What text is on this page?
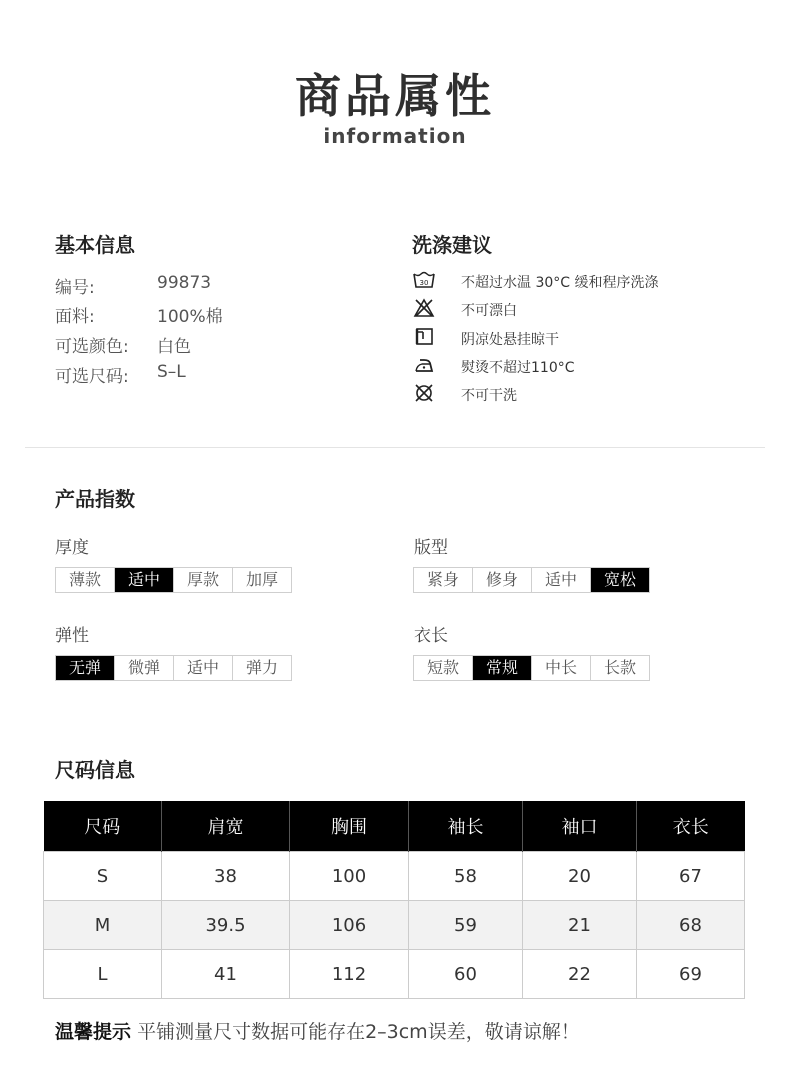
商品属性
information
基本信息
编号:	99873
面料:	100%棉
可选颜色: 白色
可选尺码: S–L
洗涤建议
30 不超过水温 30°C 缓和程序洗涤
不可漂白
阴凉处悬挂晾干
熨烫不超过110°C
不可干洗
产品指数
厚度
薄款	适中	厚款	加厚
版型
紧身	修身	适中	宽松
弹性
无弹	微弹	适中	弹力
衣长
短款	常规	中长	长款
尺码信息
尺码	肩宽	胸围	袖长	袖口	衣长
S	38	100	58	20	67
M	39.5	106	59	21	68
L	41	112	60	22	69
温馨提示 平铺测量尺寸数据可能存在2–3cm误差，敬请谅解！
